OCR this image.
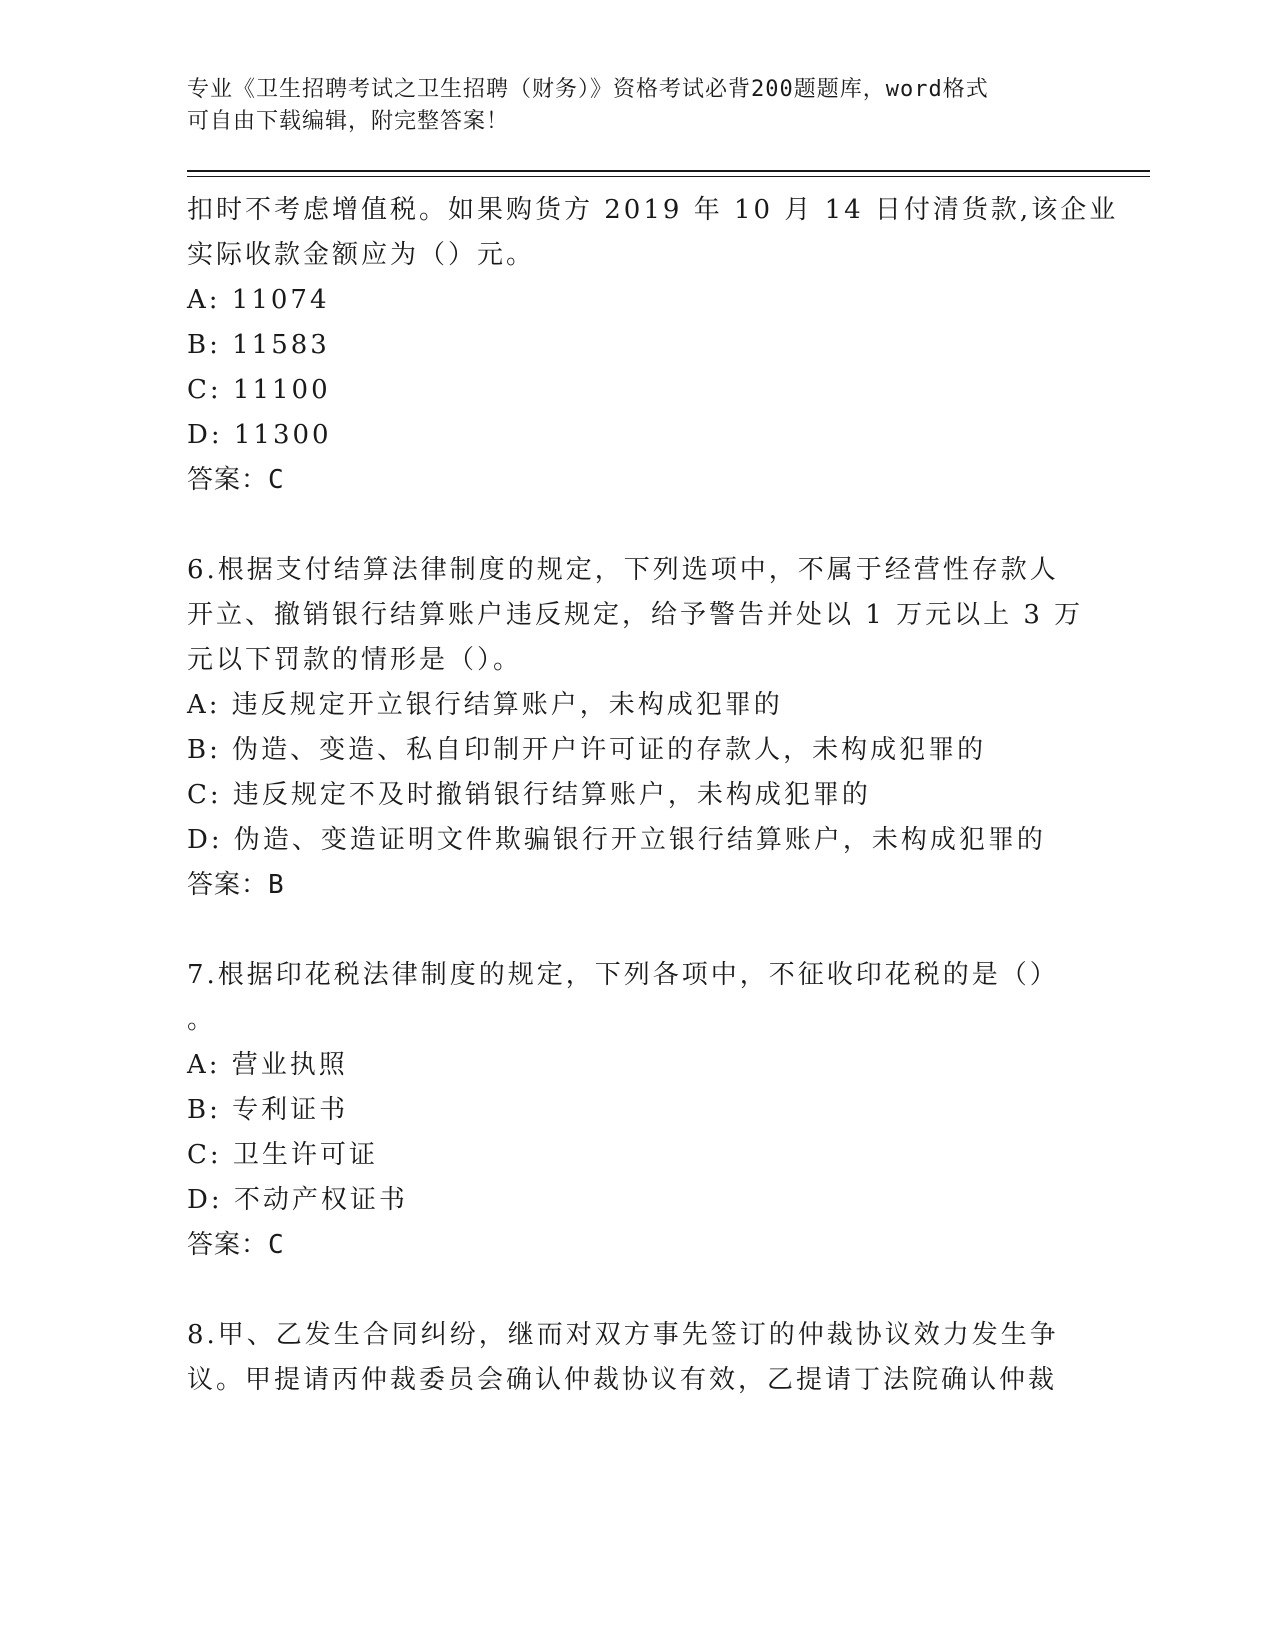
专业《卫生招聘考试之卫生招聘（财务）》资格考试必背200题题库，word格式
可自由下载编辑，附完整答案！
扣时不考虑增值税。如果购货方 2019 年 10 月 14 日付清货款,该企业
实际收款金额应为（）元。
A: 11074
B: 11583
C: 11100
D: 11300
答案：C
6.根据支付结算法律制度的规定，下列选项中，不属于经营性存款人
开立、撤销银行结算账户违反规定，给予警告并处以 1 万元以上 3 万
元以下罚款的情形是（）。
A: 违反规定开立银行结算账户，未构成犯罪的
B: 伪造、变造、私自印制开户许可证的存款人，未构成犯罪的
C: 违反规定不及时撤销银行结算账户，未构成犯罪的
D: 伪造、变造证明文件欺骗银行开立银行结算账户，未构成犯罪的
答案：B
7.根据印花税法律制度的规定，下列各项中，不征收印花税的是（）
。
A: 营业执照
B: 专利证书
C: 卫生许可证
D: 不动产权证书
答案：C
8.甲、乙发生合同纠纷，继而对双方事先签订的仲裁协议效力发生争
议。甲提请丙仲裁委员会确认仲裁协议有效，乙提请丁法院确认仲裁
